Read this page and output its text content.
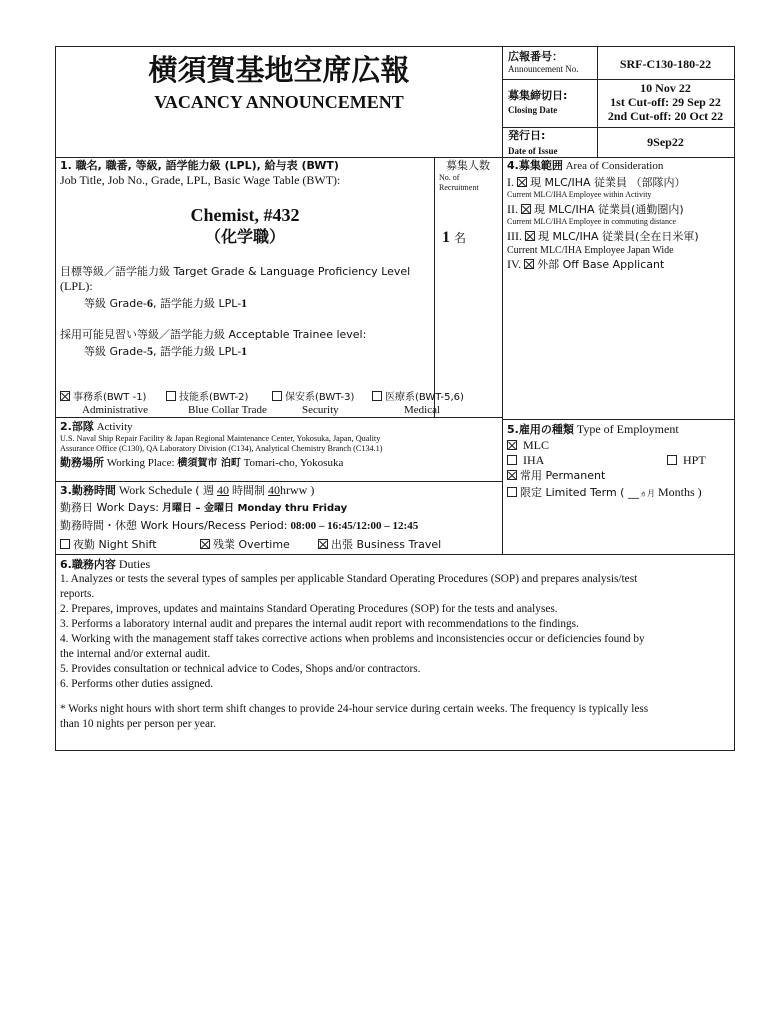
横須賀基地空席広報
VACANCY ANNOUNCEMENT
広報番号：
Announcement No.	SRF-C130-180-22
募集締切日:
Closing Date
10 Nov 22
1st Cut-off: 29 Sep 22
2nd Cut-off: 20 Oct 22
発行日:
Date of Issue
9Sep22
1. 職名, 職番, 等級, 語学能力級 (LPL), 給与表 (BWT)
Job Title, Job No., Grade, LPL, Basic Wage Table (BWT):
Chemist, #432
（化学職）
目標等級／語学能力級 Target Grade & Language Proficiency Level
(LPL):
等級 Grade-6, 語学能力級 LPL-1
採用可能見習い等級／語学能力級 Acceptable Trainee level:
等級 Grade-5, 語学能力級 LPL-1
事務系(BWT -1)
Administrative
技能系(BWT-2)
Blue Collar Trade
保安系(BWT-3)
Security
医療系(BWT-5,6)
Medical
募集人数
No. of
Recruitment
1 名
4.募集範囲 Area of Consideration
I. 現 MLC/IHA 従業員 （部隊内）
Current MLC/IHA Employee within Activity
II. 現 MLC/IHA 従業員(通勤圏内)
Current MLC/IHA Employee in commuting distance
III. 現 MLC/IHA 従業員(全在日米軍)
Current MLC/IHA Employee Japan Wide
IV. 外部 Off Base Applicant
2.部隊 Activity
U.S. Naval Ship Repair Facility & Japan Regional Maintenance Center, Yokosuka, Japan, Quality
Assurance Office (C130), QA Laboratory Division (C134), Analytical Chemistry Branch (C134.1)
勤務場所 Working Place: 横須賀市 泊町 Tomari-cho, Yokosuka
3.勤務時間 Work Schedule ( 週 40 時間制 40hrww )
勤務日 Work Days: 月曜日 – 金曜日 Monday thru Friday
勤務時間・休憩 Work Hours/Recess Period: 08:00 – 16:45/12:00 – 12:45
夜勤 Night Shift	残業 Overtime	出張 Business Travel
5.雇用の種類 Type of Employment
MLC
IHA	HPT
常用 Permanent
限定 Limited Term ( __ヵ月 Months )
6.職務内容 Duties
1. Analyzes or tests the several types of samples per applicable Standard Operating Procedures (SOP) and prepares analysis/test
reports.
2. Prepares, improves, updates and maintains Standard Operating Procedures (SOP) for the tests and analyses.
3. Performs a laboratory internal audit and prepares the internal audit report with recommendations to the findings.
4. Working with the management staff takes corrective actions when problems and inconsistencies occur or deficiencies found by
the internal and/or external audit.
5. Provides consultation or technical advice to Codes, Shops and/or contractors.
6. Performs other duties assigned.
* Works night hours with short term shift changes to provide 24-hour service during certain weeks. The frequency is typically less
than 10 nights per person per year.
